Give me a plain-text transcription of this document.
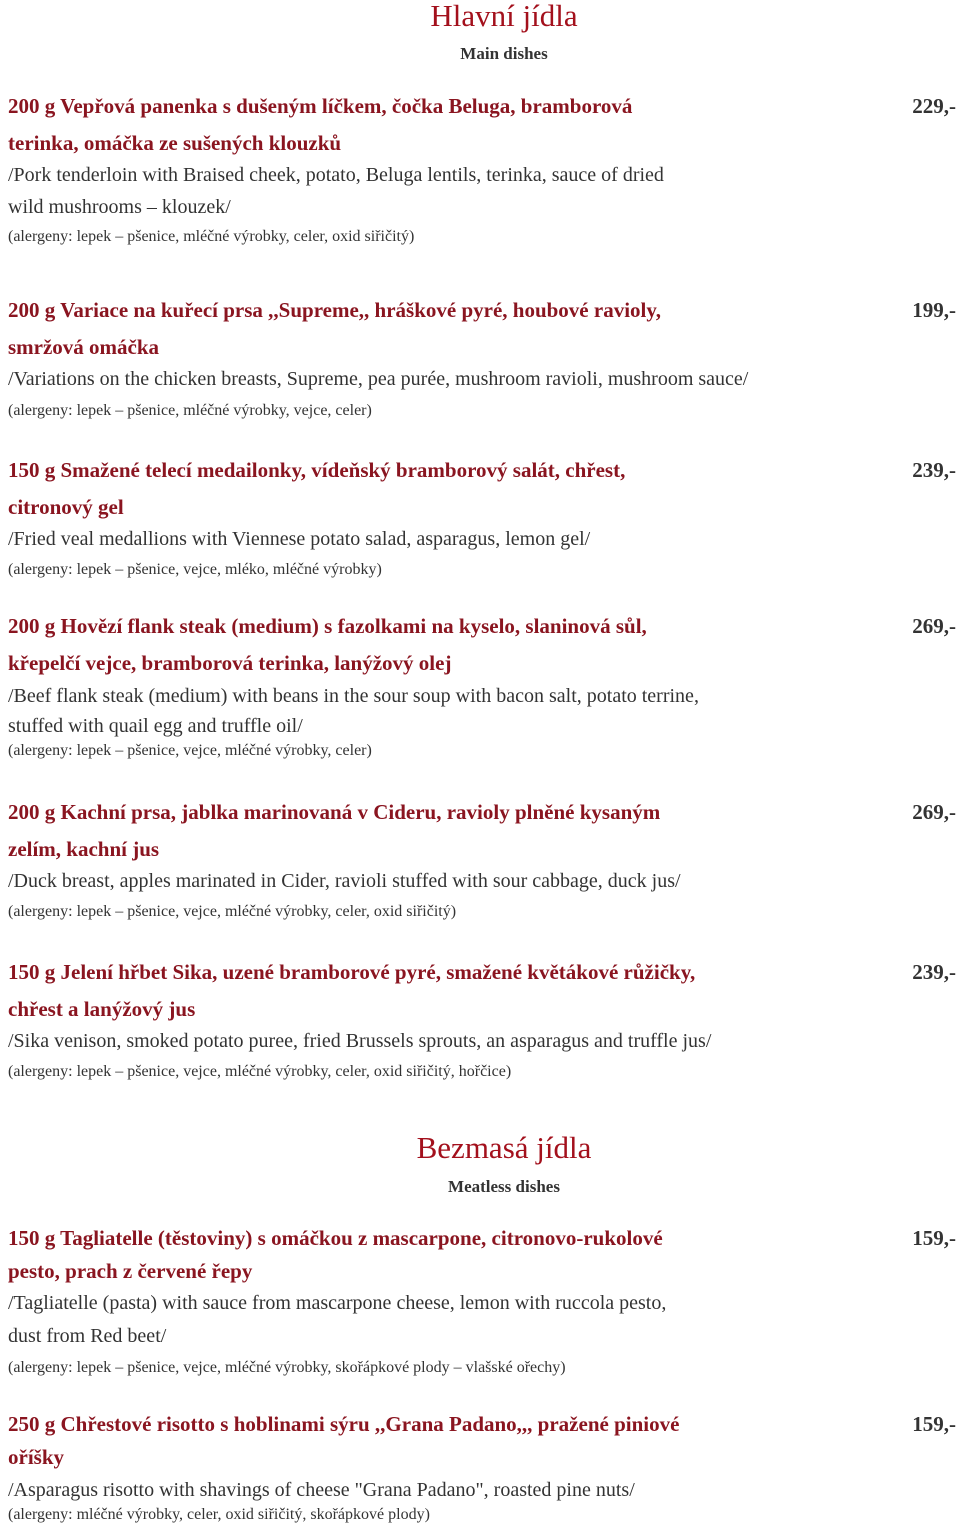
Hlavní jídla
Main dishes
200 g Vepřová panenka s dušeným líčkem, čočka Beluga, bramborová
terinka, omáčka ze sušených klouzků
229,-
/Pork tenderloin with Braised cheek, potato, Beluga lentils, terinka, sauce of dried
wild mushrooms – klouzek/
(alergeny: lepek – pšenice, mléčné výrobky, celer, oxid siřičitý)
200 g Variace na kuřecí prsa ,,Supreme,, hráškové pyré, houbové ravioly,
smržová omáčka
199,-
/Variations on the chicken breasts, Supreme, pea purée, mushroom ravioli, mushroom sauce/
(alergeny: lepek – pšenice, mléčné výrobky, vejce, celer)
150 g Smažené telecí medailonky, vídeňský bramborový salát, chřest,
citronový gel
239,-
/Fried veal medallions with Viennese potato salad, asparagus, lemon gel/
(alergeny: lepek – pšenice, vejce, mléko, mléčné výrobky)
200 g Hovězí flank steak (medium) s fazolkami na kyselo, slaninová sůl,
křepelčí vejce, bramborová terinka, lanýžový olej
269,-
/Beef flank steak (medium) with beans in the sour soup with bacon salt, potato terrine,
stuffed with quail egg and truffle oil/
(alergeny: lepek – pšenice, vejce, mléčné výrobky, celer)
200 g Kachní prsa, jablka marinovaná v Cideru, ravioly plněné kysaným
zelím, kachní jus
269,-
/Duck breast, apples marinated in Cider, ravioli stuffed with sour cabbage, duck jus/
(alergeny: lepek – pšenice, vejce, mléčné výrobky, celer, oxid siřičitý)
150 g Jelení hřbet Sika, uzené bramborové pyré, smažené květákové růžičky,
chřest a lanýžový jus
239,-
/Sika venison, smoked potato puree, fried Brussels sprouts, an asparagus and truffle jus/
(alergeny: lepek – pšenice, vejce, mléčné výrobky, celer, oxid siřičitý, hořčice)
Bezmasá jídla
Meatless dishes
150 g Tagliatelle (těstoviny) s omáčkou z mascarpone, citronovo-rukolové
pesto, prach z červené řepy
159,-
/Tagliatelle (pasta) with sauce from mascarpone cheese, lemon with ruccola pesto,
dust from Red beet/
(alergeny: lepek – pšenice, vejce, mléčné výrobky, skořápkové plody – vlašské ořechy)
250 g Chřestové risotto s hoblinami sýru ,,Grana Padano,,, pražené piniové
oříšky
159,-
/Asparagus risotto with shavings of cheese "Grana Padano", roasted pine nuts/
(alergeny: mléčné výrobky, celer, oxid siřičitý, skořápkové plody)
